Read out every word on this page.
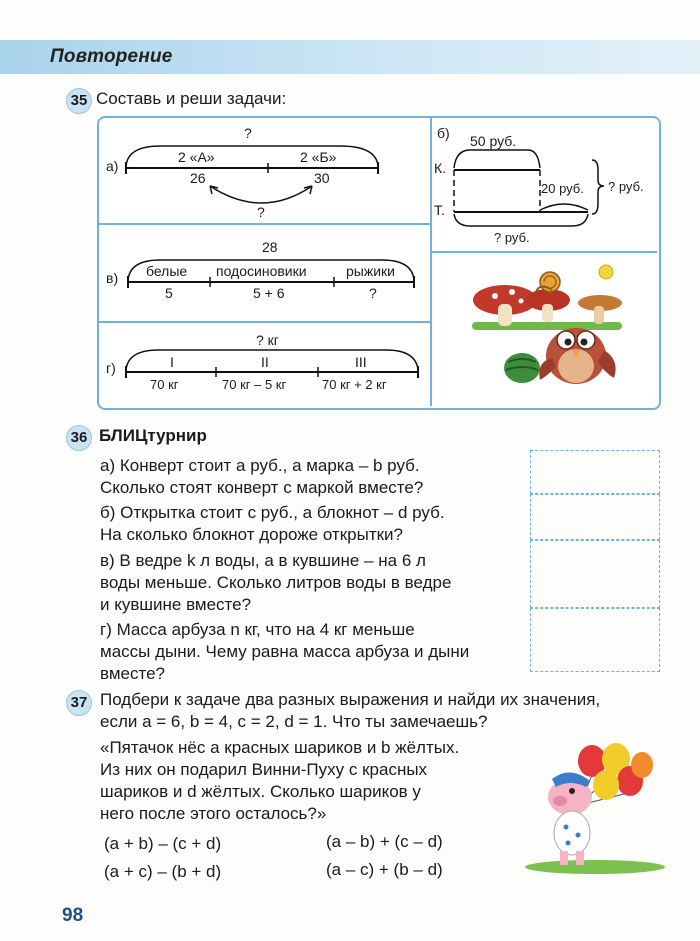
Повторение
35 Составь и реши задачи:
а)
?
2 «А»	2 «Б»
26	30
?
б) 50 руб.
К.
Т.
20 руб. ? руб.
? руб.
в)
28
белые подосиновики	рыжики
5	5 + 6	?
г)
? кг
I	II	III
70 кг	70 кг – 5 кг	70 кг + 2 кг
36 БЛИЦтурнир
а) Конверт стоит a руб., а марка – b руб.
Сколько стоят конверт с маркой вместе?
б) Открытка стоит c руб., а блокнот – d руб.
На сколько блокнот дороже открытки?
в) В ведре k л воды, а в кувшине – на 6 л
воды меньше. Сколько литров воды в ведре
и кувшине вместе?
г) Масса арбуза n кг, что на 4 кг меньше
массы дыни. Чему равна масса арбуза и дыни
вместе?
37 Подбери к задаче два разных выражения и найди их значения,
если a = 6, b = 4, c = 2, d = 1. Что ты замечаешь?
«Пятачок нёс a красных шариков и b жёлтых.
Из них он подарил Винни-Пуху c красных
шариков и d жёлтых. Сколько шариков у
него после этого осталось?»
(a + b) – (c + d)	(a – b) + (c – d)
(a + c) – (b + d)	(a – c) + (b – d)
98
